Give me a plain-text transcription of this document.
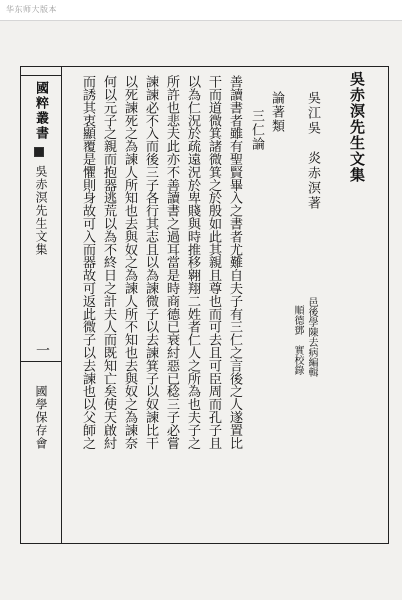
华东师大版本
國粹叢書
吳赤溟先生文集
一
國學保存會
順德鄧　實校錄 邑後學陳去病編輯
而誘其衷顯覆是懼則身故可入而器故可返此微子以去諫也以父師之 何以元子之親而抱器逃荒以為不終日之計夫人而既知亡矣使天啟紂 以死諫死之為諫人所知也去與奴之為諫人所不知也去與奴之為諫奈 諫諫必不入而後三子各行其志且以為諫微子以去諫箕子以奴諫比干 所許也悲夫此亦不善讀書之過耳當是時商德已衰紂惡已稔三子必嘗 以為仁況於疏遠況於卑賤與時推移翱翔二姓者仁人之所為也夫子之 干而道微箕諸微箕之於殷如此其親且尊也而可去且可臣周而孔子且 善讀書者雖有聖賢畢入之書者尤難自夫子有三仁之言後之人遂置比 三仁論 論著類 吳江吳　炎赤溟著 吳赤溟先生文集
